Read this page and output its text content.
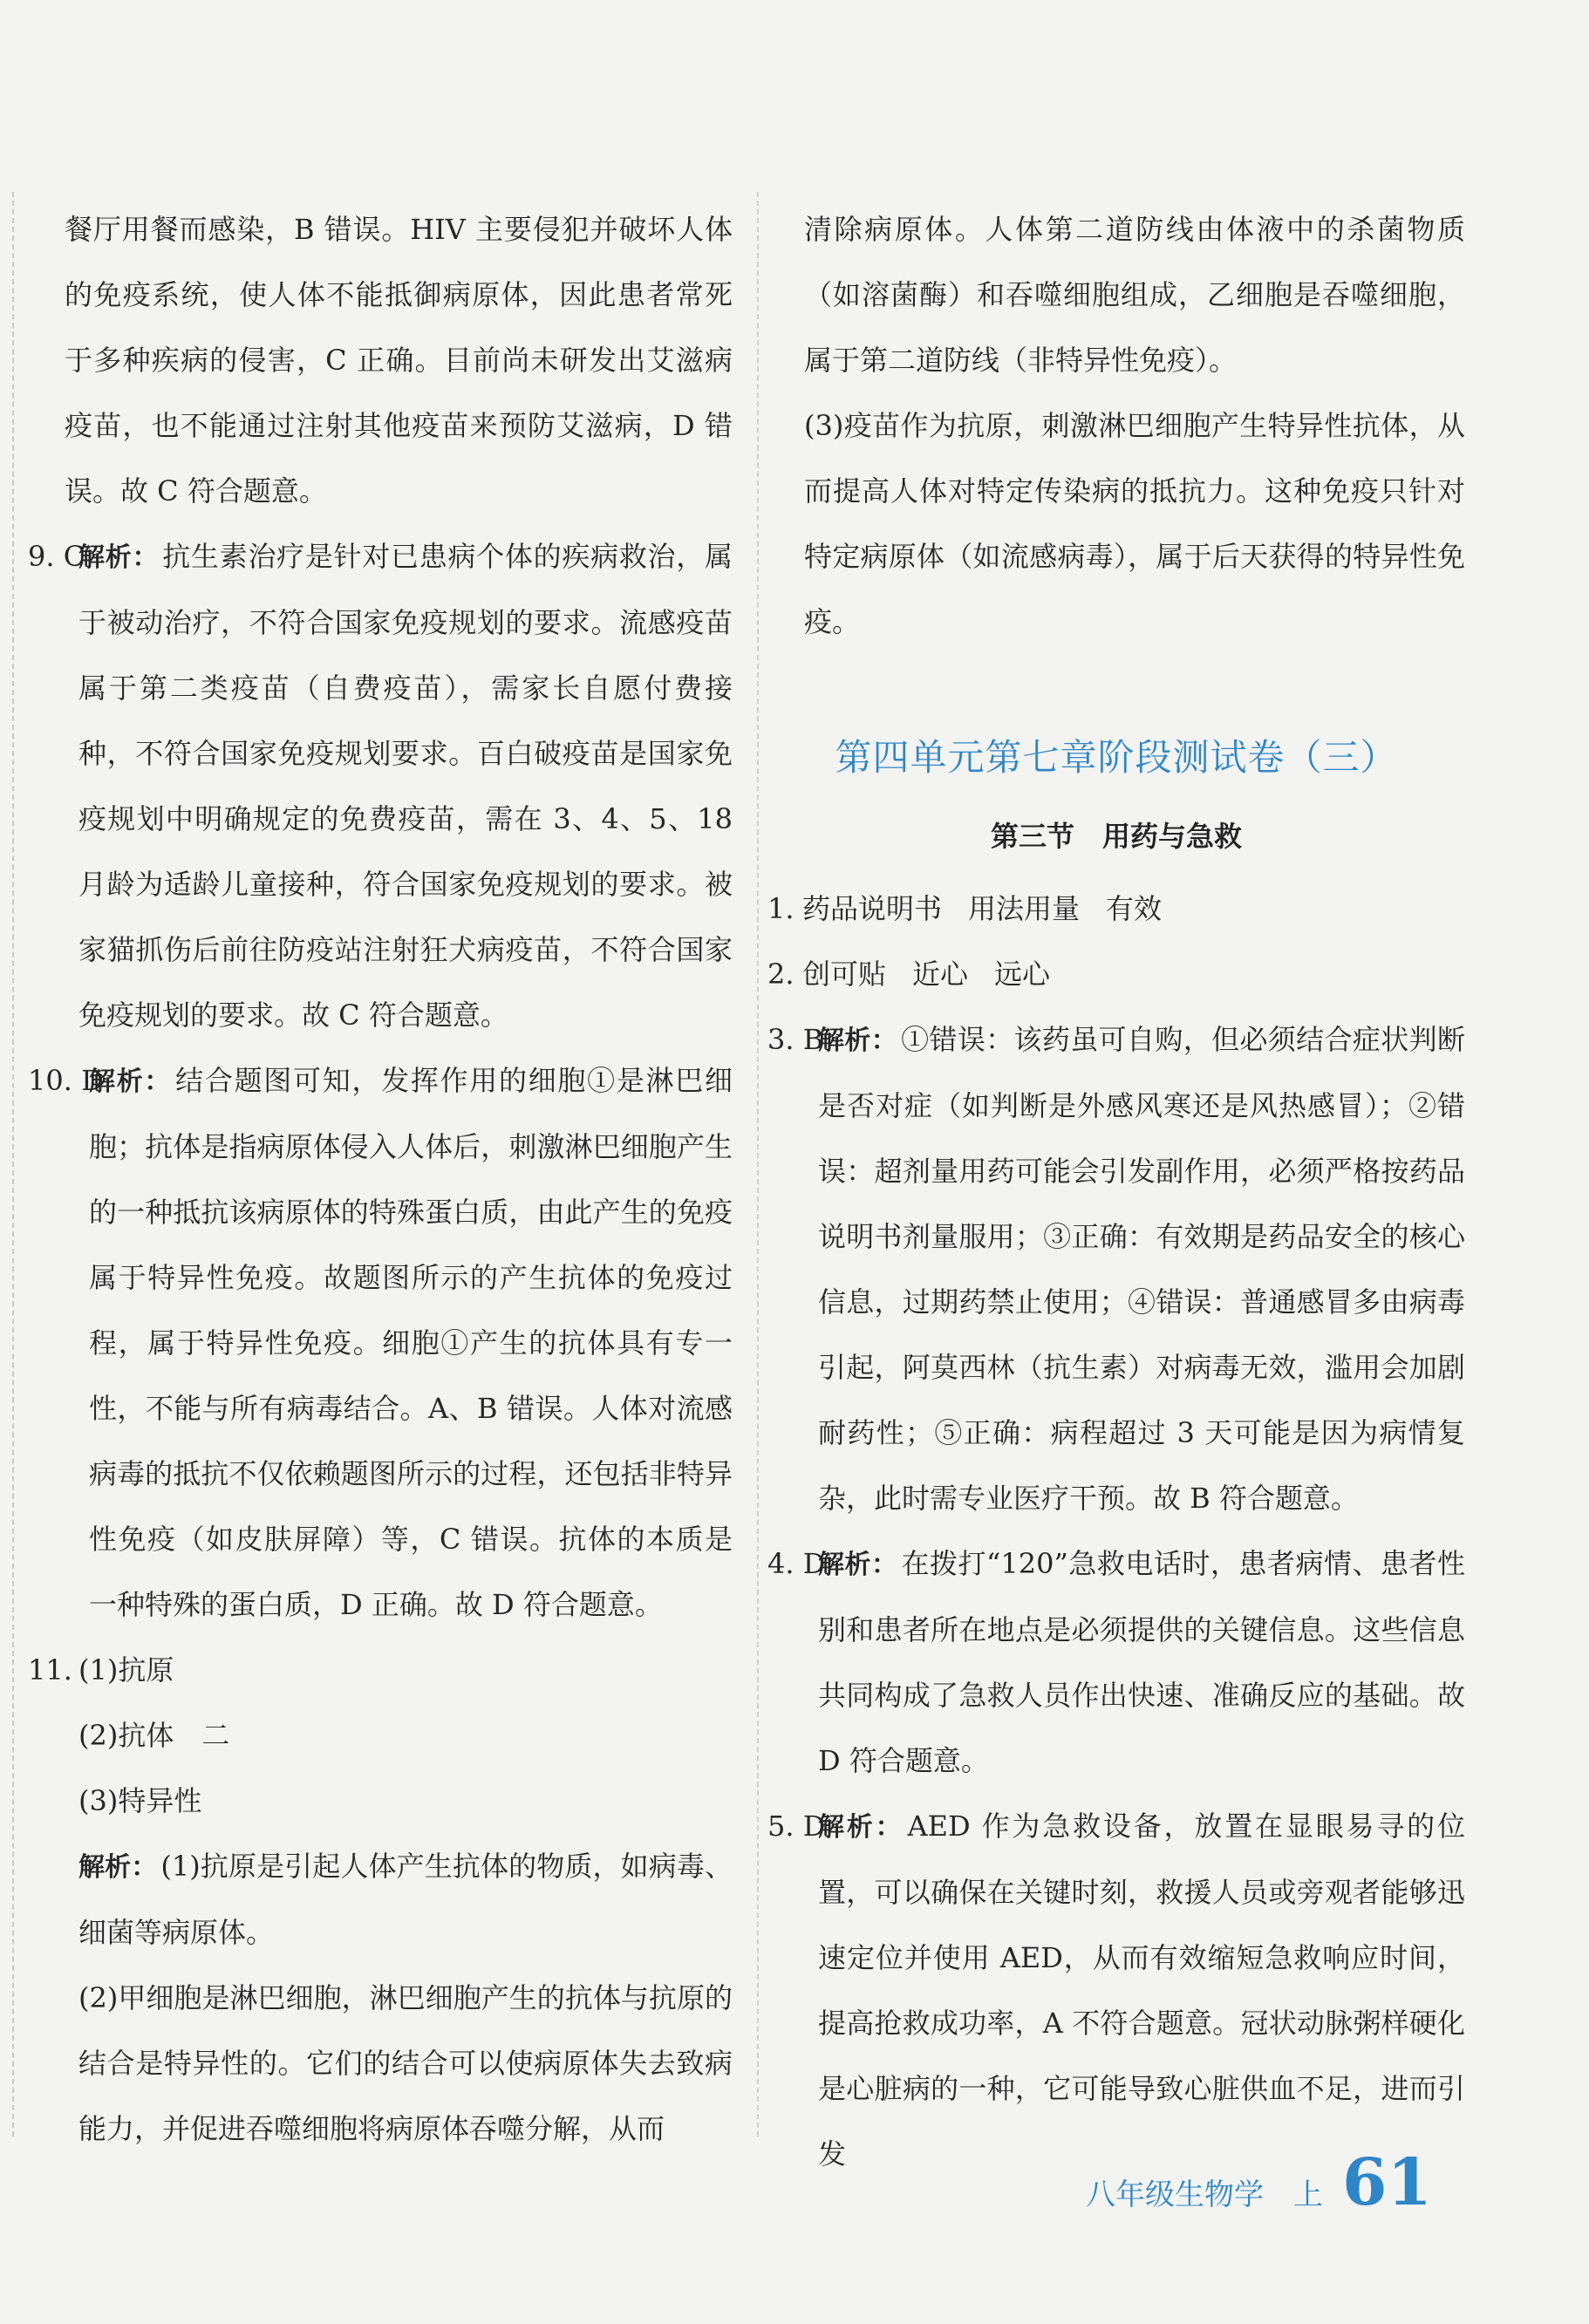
餐厅用餐而感染，B 错误。HIV 主要侵犯并破坏人体的免疫系统，使人体不能抵御病原体，因此患者常死于多种疾病的侵害，C 正确。目前尚未研发出艾滋病疫苗，也不能通过注射其他疫苗来预防艾滋病，D 错误。故 C 符合题意。

9. C
解析： 抗生素治疗是针对已患病个体的疾病救治，属于被动治疗，不符合国家免疫规划的要求。流感疫苗属于第二类疫苗（自费疫苗），需家长自愿付费接种，不符合国家免疫规划要求。百白破疫苗是国家免疫规划中明确规定的免费疫苗，需在 3、4、5、18 月龄为适龄儿童接种，符合国家免疫规划的要求。被家猫抓伤后前往防疫站注射狂犬病疫苗，不符合国家免疫规划的要求。故 C 符合题意。
10. D
解析： 结合题图可知，发挥作用的细胞①是淋巴细胞；抗体是指病原体侵入人体后，刺激淋巴细胞产生的一种抵抗该病原体的特殊蛋白质，由此产生的免疫属于特异性免疫。故题图所示的产生抗体的免疫过程，属于特异性免疫。细胞①产生的抗体具有专一性，不能与所有病毒结合。A、B 错误。人体对流感病毒的抵抗不仅依赖题图所示的过程，还包括非特异性免疫（如皮肤屏障）等，C 错误。抗体的本质是一种特殊的蛋白质，D 正确。故 D 符合题意。
11. (1)抗原
(2)抗体　二
(3)特异性

解析： (1)抗原是引起人体产生抗体的物质，如病毒、细菌等病原体。

(2)甲细胞是淋巴细胞，淋巴细胞产生的抗体与抗原的结合是特异性的。它们的结合可以使病原体失去致病能力，并促进吞噬细胞将病原体吞噬分解，从而

清除病原体。人体第二道防线由体液中的杀菌物质（如溶菌酶）和吞噬细胞组成，乙细胞是吞噬细胞，属于第二道防线（非特异性免疫）。

(3)疫苗作为抗原，刺激淋巴细胞产生特异性抗体，从而提高人体对特定传染病的抵抗力。这种免疫只针对特定病原体（如流感病毒），属于后天获得的特异性免疫。

第四单元第七章阶段测试卷（三）
第三节　用药与急救
1. 药品说明书 用法用量 有效
2. 创可贴 近心 远心
3. B
解析： ①错误：该药虽可自购，但必须结合症状判断是否对症（如判断是外感风寒还是风热感冒）；②错误：超剂量用药可能会引发副作用，必须严格按药品说明书剂量服用；③正确：有效期是药品安全的核心信息，过期药禁止使用；④错误：普通感冒多由病毒引起，阿莫西林（抗生素）对病毒无效，滥用会加剧耐药性；⑤正确：病程超过 3 天可能是因为病情复杂，此时需专业医疗干预。故 B 符合题意。
4. D
解析： 在拨打“120”急救电话时，患者病情、患者性别和患者所在地点是必须提供的关键信息。这些信息共同构成了急救人员作出快速、准确反应的基础。故 D 符合题意。
5. D
解析： AED 作为急救设备，放置在显眼易寻的位置，可以确保在关键时刻，救援人员或旁观者能够迅速定位并使用 AED，从而有效缩短急救响应时间，提高抢救成功率，A 不符合题意。冠状动脉粥样硬化是心脏病的一种，它可能导致心脏供血不足，进而引发
八年级生物学　上 61
